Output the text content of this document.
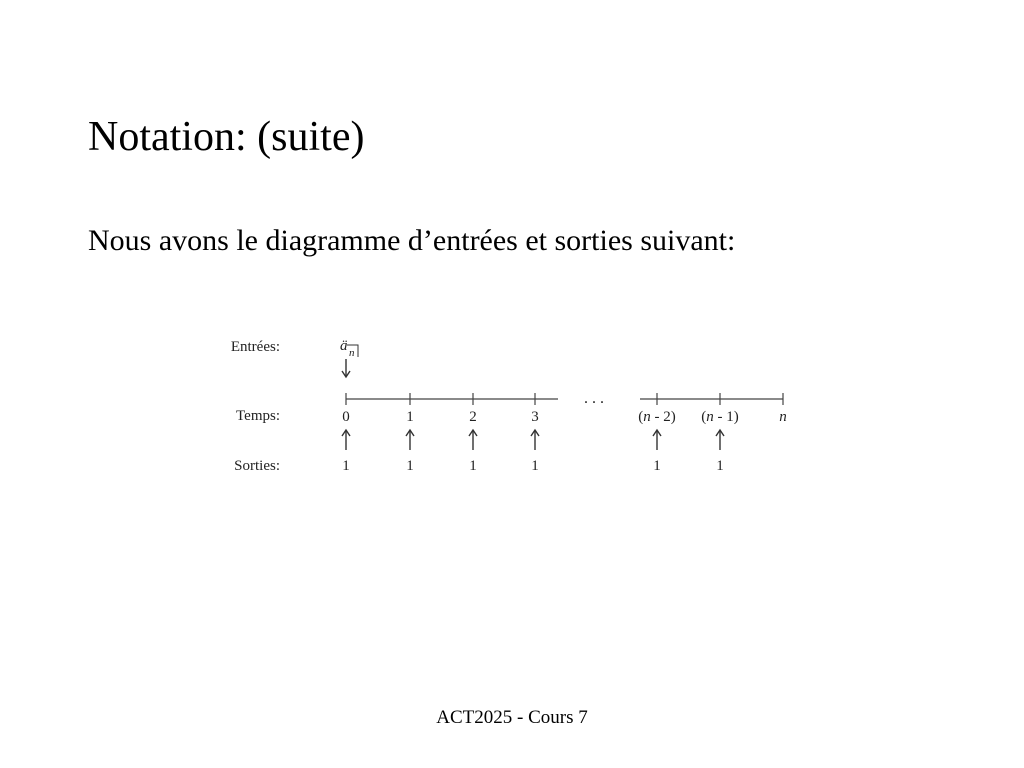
Notation: (suite)
Nous avons le diagramme d’entrées et sorties suivant:
Entrées:
Temps:
Sorties:
ä n
. . .
0
1
1
1
2
1
3
1
(n - 2)
1
(n - 1)
1
n
ACT2025 - Cours 7
